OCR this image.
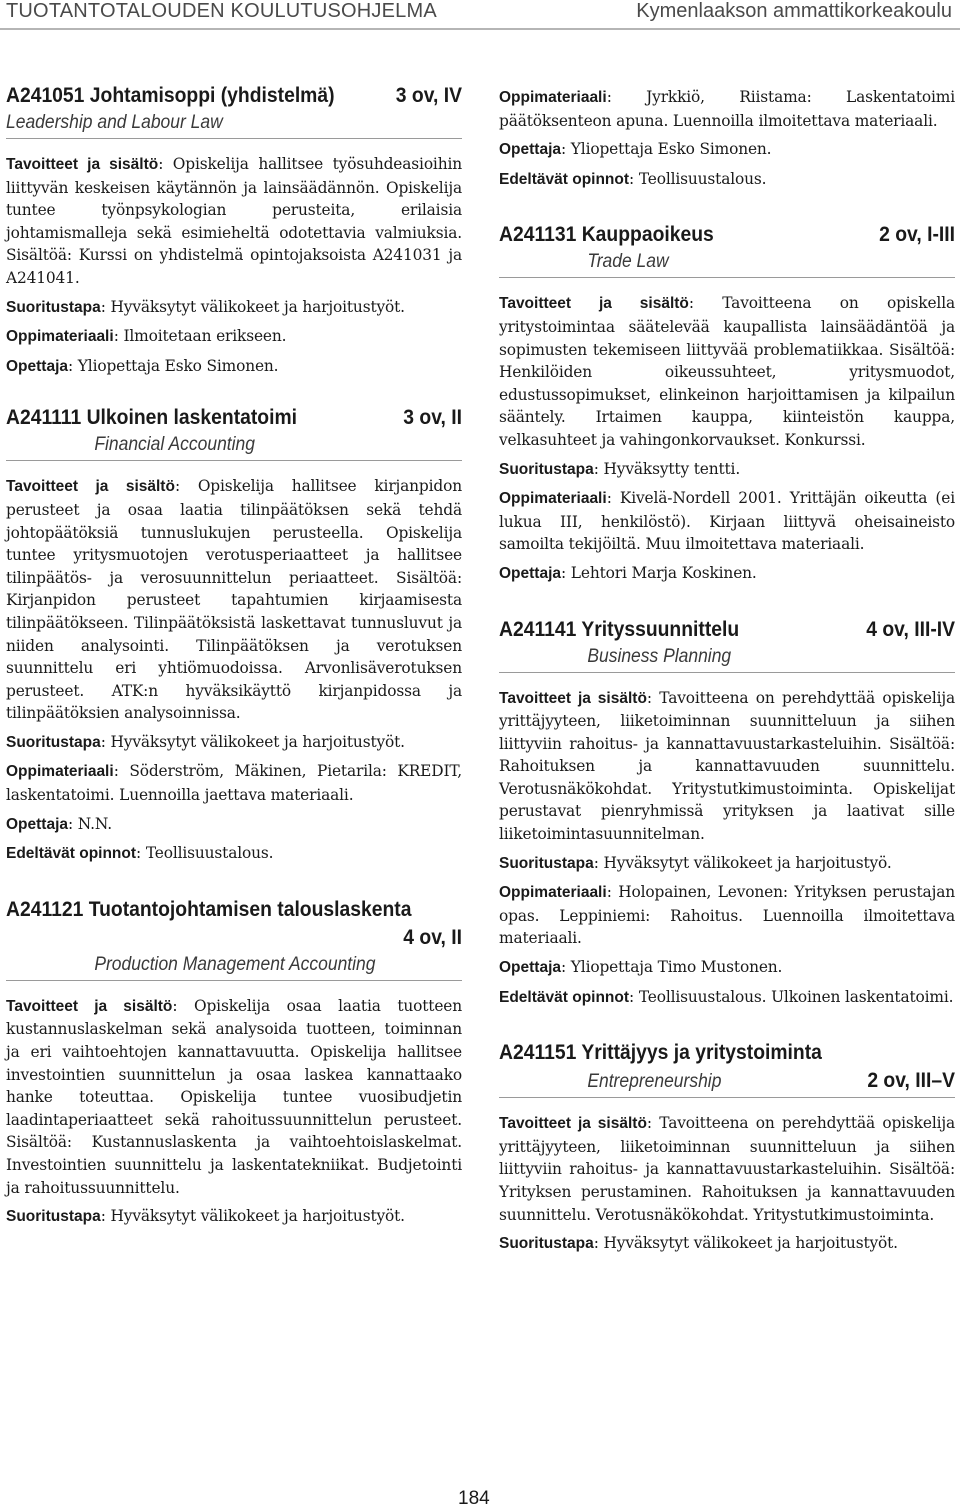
TUOTANTOTALOUDEN KOULUTUSOHJELMA	Kymenlaakson ammattikorkeakoulu
A241051 Johtamisoppi (yhdistelmä)	3 ov, IV
Leadership and Labour Law

Tavoitteet ja sisältö: Opiskelija hallitsee työsuhdeasioihin liittyvän keskeisen käytännön ja lainsäädännön. Opiskelija tuntee työnpsykologian perusteita, erilaisia johtamismalleja sekä esimieheltä odotettavia valmiuksia. Sisältöä: Kurssi on yhdistelmä opintojaksoista A241031 ja A241041.

Suoritustapa: Hyväksytyt välikokeet ja harjoitustyöt.

Oppimateriaali: Ilmoitetaan erikseen.

Opettaja: Yliopettaja Esko Simonen.

A241111 Ulkoinen laskentatoimi	3 ov, II
Financial Accounting

Tavoitteet ja sisältö: Opiskelija hallitsee kirjanpidon perusteet ja osaa laatia tilinpäätöksen sekä tehdä johtopäätöksiä tunnuslukujen perusteella. Opiskelija tuntee yritysmuotojen verotusperiaatteet ja hallitsee tilinpäätös- ja verosuunnittelun periaatteet. Sisältöä: Kirjanpidon perusteet tapahtumien kirjaamisesta tilinpäätökseen. Tilinpäätöksistä laskettavat tunnusluvut ja niiden analysointi. Tilinpäätöksen ja verotuksen suunnittelu eri yhtiömuodoissa. Arvonlisäverotuksen perusteet. ATK:n hyväksikäyttö kirjanpidossa ja tilinpäätöksien analysoinnissa.

Suoritustapa: Hyväksytyt välikokeet ja harjoitustyöt.

Oppimateriaali: Söderström, Mäkinen, Pietarila: KREDIT, laskentatoimi. Luennoilla jaettava materiaali.

Opettaja: N.N.

Edeltävät opinnot: Teollisuustalous.

A241121 Tuotantojohtamisen talouslaskenta
4 ov, II
Production Management Accounting

Tavoitteet ja sisältö: Opiskelija osaa laatia tuotteen kustannuslaskelman sekä analysoida tuotteen, toiminnan ja eri vaihtoehtojen kannattavuutta. Opiskelija hallitsee investointien suunnittelun ja osaa laskea kannattaako hanke toteuttaa. Opiskelija tuntee vuosibudjetin laadintaperiaatteet sekä rahoitussuunnittelun perusteet. Sisältöä: Kustannuslaskenta ja vaihtoehtoislaskelmat. Investointien suunnittelu ja laskentatekniikat. Budjetointi ja rahoitussuunnittelu.

Suoritustapa: Hyväksytyt välikokeet ja harjoitustyöt.

Oppimateriaali: Jyrkkiö, Riistama: Laskentatoimi päätöksenteon apuna. Luennoilla ilmoitettava materiaali.

Opettaja: Yliopettaja Esko Simonen.

Edeltävät opinnot: Teollisuustalous.

A241131 Kauppaoikeus	2 ov, I-III
Trade Law

Tavoitteet ja sisältö: Tavoitteena on opiskella yritystoimintaa säätelevää kaupallista lainsäädäntöä ja sopimusten tekemiseen liittyvää problematiikkaa. Sisältöä: Henkilöiden oikeussuhteet, yritysmuodot, edustussopimukset, elinkeinon harjoittamisen ja kilpailun sääntely. Irtaimen kauppa, kiinteistön kauppa, velkasuhteet ja vahingonkorvaukset. Konkurssi.

Suoritustapa: Hyväksytty tentti.

Oppimateriaali: Kivelä-Nordell 2001. Yrittäjän oikeutta (ei lukua III, henkilöstö). Kirjaan liittyvä oheisaineisto samoilta tekijöiltä. Muu ilmoitettava materiaali.

Opettaja: Lehtori Marja Koskinen.

A241141 Yrityssuunnittelu	4 ov, III-IV
Business Planning

Tavoitteet ja sisältö: Tavoitteena on perehdyttää opiskelija yrittäjyyteen, liiketoiminnan suunnitteluun ja siihen liittyviin rahoitus- ja kannattavuustarkasteluihin. Sisältöä: Rahoituksen ja kannattavuuden suunnittelu. Verotusnäkökohdat. Yritystutkimustoiminta. Opiskelijat perustavat pienryhmissä yrityksen ja laativat sille liiketoimintasuunnitelman.

Suoritustapa: Hyväksytyt välikokeet ja harjoitustyö.

Oppimateriaali: Holopainen, Levonen: Yrityksen perustajan opas. Leppiniemi: Rahoitus. Luennoilla ilmoitettava materiaali.

Opettaja: Yliopettaja Timo Mustonen.

Edeltävät opinnot: Teollisuustalous. Ulkoinen laskentatoimi.

A241151 Yrittäjyys ja yritystoiminta
Entrepreneurship	2 ov, III–V

Tavoitteet ja sisältö: Tavoitteena on perehdyttää opiskelija yrittäjyyteen, liiketoiminnan suunnitteluun ja siihen liittyviin rahoitus- ja kannattavuustarkasteluihin. Sisältöä: Yrityksen perustaminen. Rahoituksen ja kannattavuuden suunnittelu. Verotusnäkökohdat. Yritystutkimustoiminta.

Suoritustapa: Hyväksytyt välikokeet ja harjoitustyöt.

184
